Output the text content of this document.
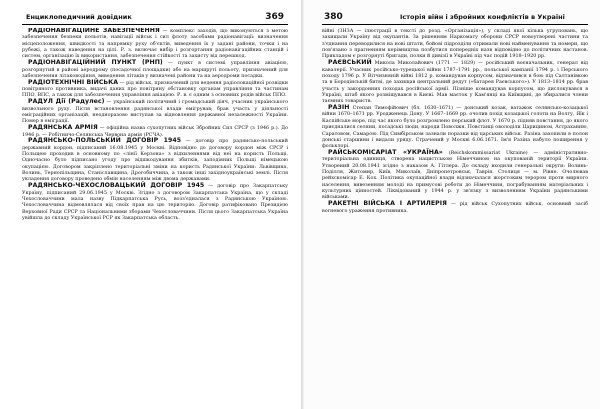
Енциклопедичний довідник	369

РАДІОНАВІГАЦІЙНЕ ЗАБЕЗПЕЧЕННЯ — комплекс заходів, що виконуються з метою забезпечення безпеки польотів, навігації військ і сил флоту засобами радіонавігації: визначення місцеположення, швидкості та напрямку руху об'єктів, виведення їх у задані райони, точки і на рубежі, а також наведення на цілі. Р. з. включає вибір і розгортання радіонавігаційних станцій і систем, організацію їх використання, забезпечення стійкості та захисту від перешкод.

РАДІОНАВІГАЦІЙНИЙ ПУНКТ (РНП) — пункт в системі управління авіацією, розгорнутий в районі аеродрому (посадочної площадки) або на маршруті польоту, призначений для забезпечення літаководіння, виведення літаків у визначені райони та на аеродроми посадки.

РАДІОТЕХНІЧНІ ВІЙСЬКА — рід військ, призначений для ведення радіолокаційної розвідки повітряного противника, видачі даних про повітряну обстановку органам управління та частинам ППО, ВПС, а також для забезпечення управління авіацією. Р. в. є одним з основних родів військ ППО.

РАДУЛ Дії (Радулес) — український політичний і громадський діяч, учасник українського визвольного руху. Після встановлення радянської влади емігрував; брав участь у діяльності еміграційних організацій, неодноразово виступав за відновлення державної незалежності України. Помер в еміграції.

РАДЯНСЬКА АРМІЯ — офіційна назва сухопутних військ Збройних Сил СРСР (з 1946 р.). До 1946 р. — Робітничо-Селянська Червона армія (РСЧА).

РАДЯНСЬКО-ПОЛЬСЬКИЙ ДОГОВІР 1945 — договір про радянсько-польський державний кордон, підписаний 16.08.1945 у Москві. Відповідно до договору кордон між СРСР і Польщею проходив в основному по «лінії Керзона» з відхиленнями від неї на користь Польщі. Одночасно було підписано угоду про відшкодування збитків, заподіяних Польщі німецькою окупацією. Договором закріплено територіальні зміни на користь Радянської України: Львівщина, Волинь, Тернопільщина, Станіславщина, Дрогобиччина, а також інші західноукраїнські землі. Після укладення договору проведено обмін населенням між двома державами.

РАДЯНСЬКО-ЧЕХОСЛОВАЦЬКИЙ ДОГОВІР 1945 — договір про Закарпатську Україну, підписаний 29.06.1945 у Москві. Згідно з договором Закарпатська Україна, що у складі Чехословаччини мала назву Підкарпатська Русь, возз'єдналася з Радянською Україною. Чехословаччина відмовлялася від своїх прав на цю територію. Договір ратифіковано Президією Верховної Ради СРСР та Національними зборами Чехословаччини. Після цього Закарпатська Україна увійшла до складу Української РСР як Закарпатська область.

380	Історія війн і збройних конфліктів в Україні

війні (ЗНЗА — ілюстрації в тексті до розд. «Організація»), у складі якої кілька угруповань, що захищали Україну від окупантів. За рішенням Наркомату оборони СРСР новоутворені частини та з'єднання переводилися на нові штати, бойові підрозділи отримали нові найменування та номери, що пов'язано з прагненням керівництва позбутися попередніх назв відповідно до політичних настанов. Прикладом є розгорнуті бригади, полки й дивізії в Україні під час подій 1918–1920 рр.

РАЄВСЬКИЙ Микола Миколайович (1771 — 1829) — російський воєначальник, генерал від кавалерії. Учасник російсько-турецької війни 1787–1791 рр., польської кампанії 1794 р. і Перського походу 1796 р. У Вітчизняній війні 1812 р. командував корпусом, відзначився в бою під Салтанівкою та в Бородінській битві, де захищав центральний редут («батарея Раєвського»). У 1813–1814 рр. брав участь у закордонних походах російської армії. Пізніше командував корпусом, що дислокувався в Україні, штаб якого розміщувався в Києві. Мав маєток у Кам'янці на Київщині, де збиралися члени таємних товариств.

РАЗІН Степан Тимофійович (бл. 1630–1671) — донський козак, ватажок селянсько-козацької війни 1670–1671 рр. Уродженець Дону. У 1667–1669 рр. очолив похід козацької голоти на Волгу, Яїк і Каспійське море, під час якого було розгромлено перський флот. У 1670 р. підняв повстання, до якого приєдналися селяни, посадські люди, народи Поволжя. Повстанці оволоділи Царицином, Астраханню, Саратовом, Самарою. Під Симбірськом зазнали поразки від царських військ. Разіна захопили в полон донські старшини і видали уряду. Страчений у Москві 6.06.1671. Ім'я Разіна набуло поширення у фольклорі.

РАЙСЬКОМІСАРІАТ «УКРАЇНА» (Reichskommissariat Ukraine) — адміністративно-територіальна одиниця, створена нацистською Німеччиною на окупованій території України. Утворений 20.08.1941 згідно з наказом А. Гітлера. До складу входили генеральні округи: Волинь-Поділля, Житомир, Київ, Миколаїв, Дніпропетровськ, Таврія. Столиця — м. Рівне. Очолював рейхскомісар Е. Кох. Політика окупаційної влади відзначалася жорстоким терором проти мирного населення, вивезенням молоді на примусові роботи до Німеччини, пограбуванням матеріальних і культурних цінностей. Ліквідований у 1944 р. у зв'язку з визволенням України радянськими військами.

РАКЕТНІ ВІЙСЬКА І АРТИЛЕРІЯ — рід військ Сухопутних військ, основний засіб вогневого ураження противника.
